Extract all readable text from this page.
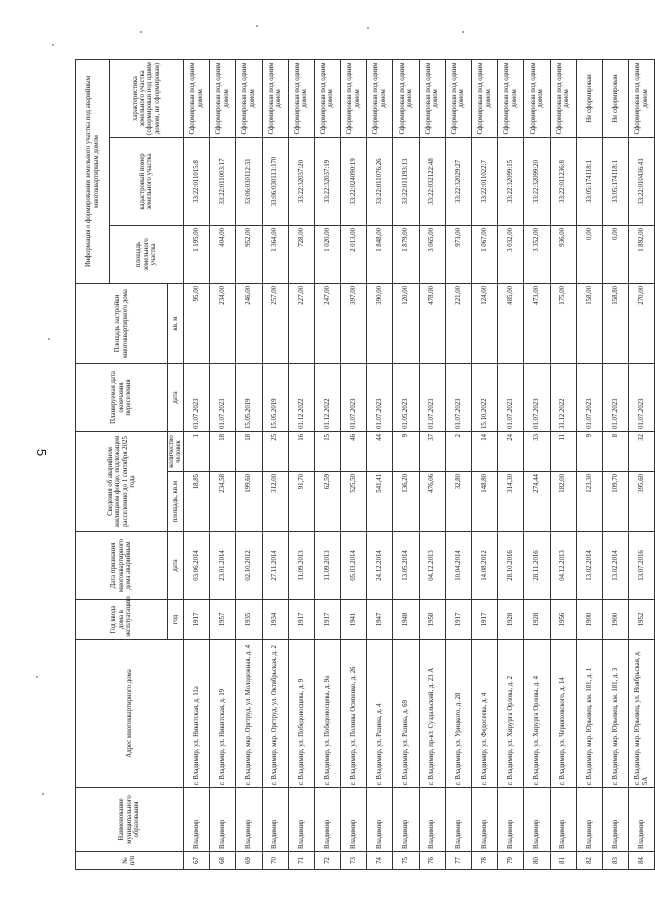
5
№ п/п	Наименование муниципального образования	Адрес многоквартирного дома	Год ввода дома в эксплуатацию	Дата признания многоквартирного дома аварийным	Сведения об аварийном жилищном фонде, подлежащем расселению до 1 сентября 2025 года		Планируемая дата окончания переселения	Площадь застройки многоквартирного дома	Информация о формировании земельного участка под аварийным многоквартирным домом		
									площадь земельного участка	кадастровый номер земельного участка	характеристика земельного участка (сформирован под одним домом, не сформирован)
			год	дата	площадь, кв.м	количество человек	дата	кв. м			
67	Владимир	г. Владимир, ул. Никитская, д. 11а	1917	03.06.2014	18,85	1	01.07.2023	95,00	1 195,00	33:22:011015:8	Сформирован под одним домом
68	Владимир	г. Владимир, ул. Никитская, д. 19	1957	23.01.2014	234,58	18	01.07.2023	234,00	404,00	33:22:011003:17	Сформирован под одним домом
69	Владимир	г. Владимир, мкр. Оргтруд, ул. Молодежная, д. 4	1935	02.10.2012	199,60	18	15.05.2019	246,00	952,00	33:06:030112:31	Сформирован под одним домом
70	Владимир	г. Владимир, мкр. Оргтруд, ул. Октябрьская, д. 2	1934	27.11.2014	312,00	25	15.05.2019	257,00	1 364,00	33:06:030113:170	Сформирован под одним домом
71	Владимир	г. Владимир, ул. Победоносцева, д. 9	1917	11.09.2013	91,70	16	01.12.2022	227,00	728,00	33:22:32037:20	Сформирован под одним домом
72	Владимир	г. Владимир, ул. Победоносцева, д. 9а	1917	11.09.2013	62,59	15	01.12.2022	247,00	1 020,00	33:22:32037:19	Сформирован под одним домом
73	Владимир	г. Владимир, ул. Полины Осипенко, д. 26	1941	05.03.2014	525,50	46	01.07.2023	397,00	2 013,00	33:22:024090:19	Сформирован под одним домом
74	Владимир	г. Владимир, ул. Разина, д. 4	1947	24.12.2014	541,41	44	01.07.2023	390,00	1 848,00	33:22:011076:26	Сформирован под одним домом
75	Владимир	г. Владимир, ул. Разина, д. 69	1948	13.05.2014	136,20	9	01.05.2023	120,00	1 879,00	33:22:011193:13	Сформирован под одним домом
76	Владимир	г. Владимир, пр-кт. Суздальский, д. 23 А	1958	04.12.2013	476,06	37	01.07.2023	478,00	3 065,00	33:22:032122:48	Сформирован под одним домом
77	Владимир	г. Владимир, ул. Урицкого, д. 28	1917	10.04.2014	32,80	2	01.07.2023	221,00	973,00	33:22:32029:27	Сформирован под одним домом
78	Владимир	г. Владимир, ул. Федосеева, д. 4	1917	14.08.2012	148,80	14	15.10.2022	124,00	1 067,00	33:22:011022:7	Сформирован под одним домом
79	Владимир	г. Владимир, ул. Хирурга Орлова, д. 2	1928	28.10.2016	314,30	24	01.07.2023	485,00	3 032,00	33:22:32099:15	Сформирован под одним домом
80	Владимир	г. Владимир, ул. Хирурга Орлова, д. 4	1928	28.11.2016	274,44	33	01.07.2023	473,00	3 352,00	33:22:32099:20	Сформирован под одним домом
81	Владимир	г. Владимир, ул. Черняховского, д. 14	1956	04.12.2013	182,00	11	31.12.2022	175,00	936,00	33:22:011236:8	Сформирован под одним домом
82	Владимир	г. Владимир, мкр. Юрьевец, км. 181, д. 1	1900	13.02.2014	123,30	9	01.07.2023	158,00	0,00	33:05:174118:1	Не сформирован
83	Владимир	г. Владимир, мкр. Юрьевец, км. 181, д. 3	1900	13.02.2014	109,70	8	01.07.2023	158,80	0,00	33:05:174118:1	Не сформирован
84	Владимир	г. Владимир, мкр. Юрьевец, ул. Ноябрьская, д. 5А	1952	13.07.2016	395,60	32	01.07.2023	270,00	1 892,00	33:22:010436:41	Сформирован под одним домом
